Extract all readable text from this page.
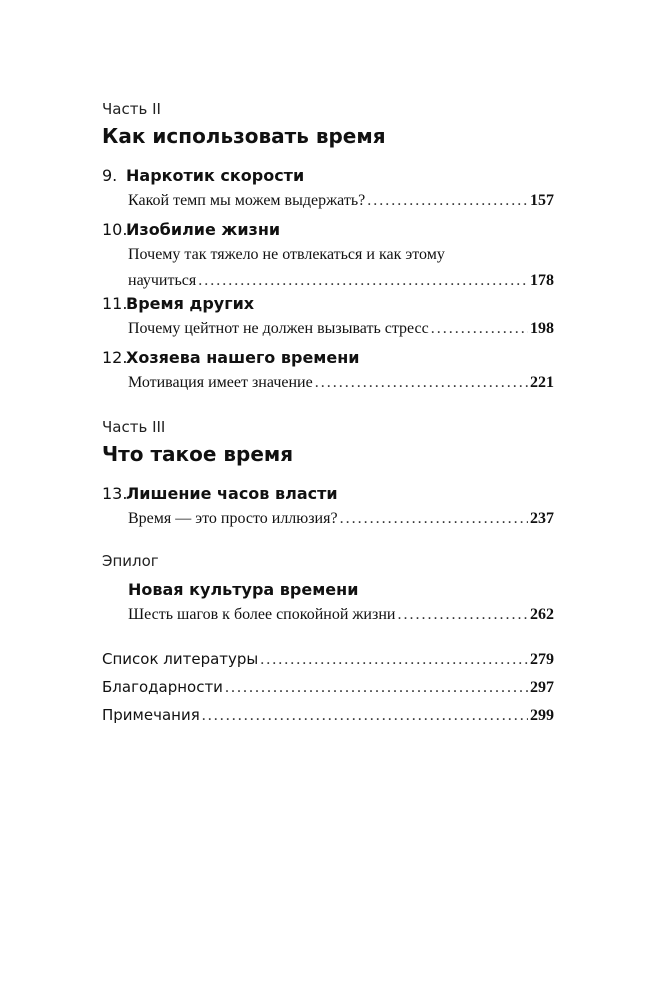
Часть II
Как использовать время
9. Наркотик скорости
Какой темп мы можем выдержать? .....	157
10.Изобилие жизни
Почему так тяжело не отвлекаться и как этому
научиться .....	178
11.Время других
Почему цейтнот не должен вызывать стресс .....	198
12.Хозяева нашего времени
Мотивация имеет значение .....	221
Часть III
Что такое время
13.Лишение часов власти
Время — это просто иллюзия? .....	237
Эпилог
Новая культура времени
Шесть шагов к более спокойной жизни .....	262
Список литературы .....	279
Благодарности .....	297
Примечания .....	299
